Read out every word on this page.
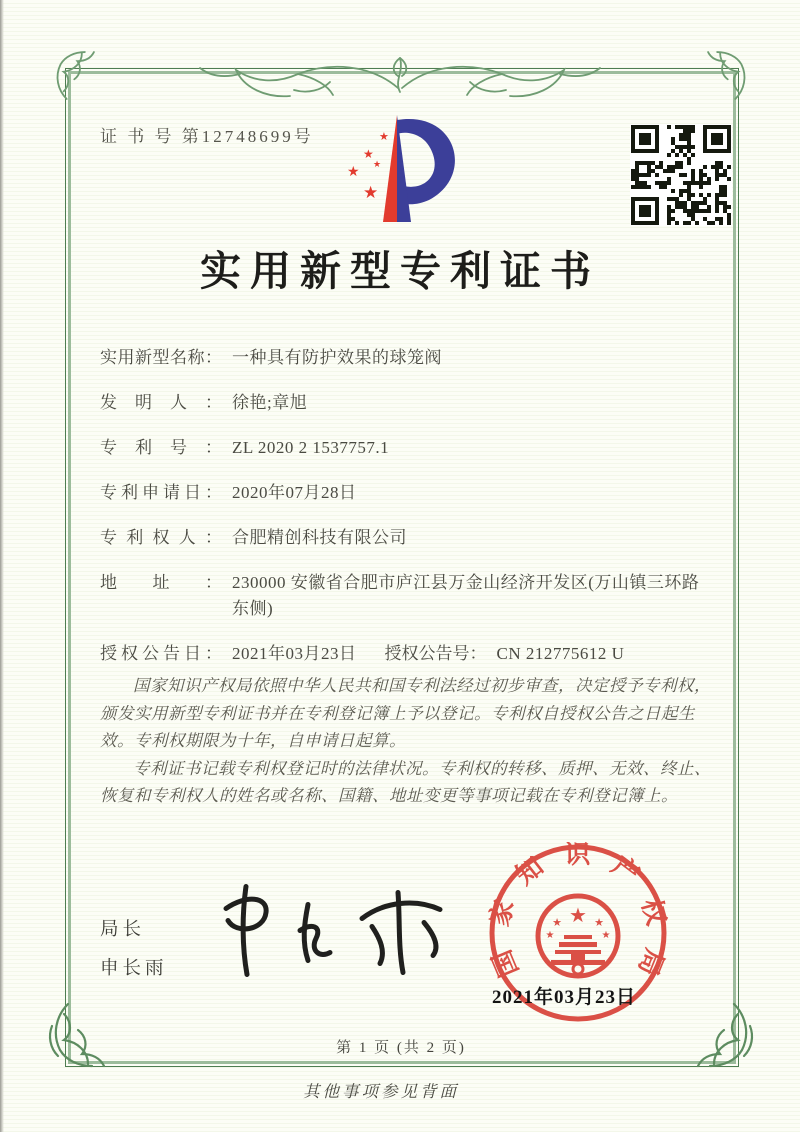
证 书 号 第12748699号	★
★
★
★
★
实用新型专利证书
实用新型名称： 一种具有防护效果的球笼阀
发明人： 徐艳;章旭
专利号： ZL 2020 2 1537757.1
专利申请日： 2020年07月28日
专利权人： 合肥精创科技有限公司
地址： 230000 安徽省合肥市庐江县万金山经济开发区(万山镇三环路东侧)
授权公告日： 2021年03月23日 授权公告号： CN 212775612 U

国家知识产权局依照中华人民共和国专利法经过初步审查，决定授予专利权，颁发实用新型专利证书并在专利登记簿上予以登记。专利权自授权公告之日起生效。专利权期限为十年，自申请日起算。

专利证书记载专利权登记时的法律状况。专利权的转移、质押、无效、终止、恢复和专利权人的姓名或名称、国籍、地址变更等事项记载在专利登记簿上。

局长
申长雨	国家知识产权局
★
★	★
★	★
2021年03月23日
第 1 页 (共 2 页)
其他事项参见背面
